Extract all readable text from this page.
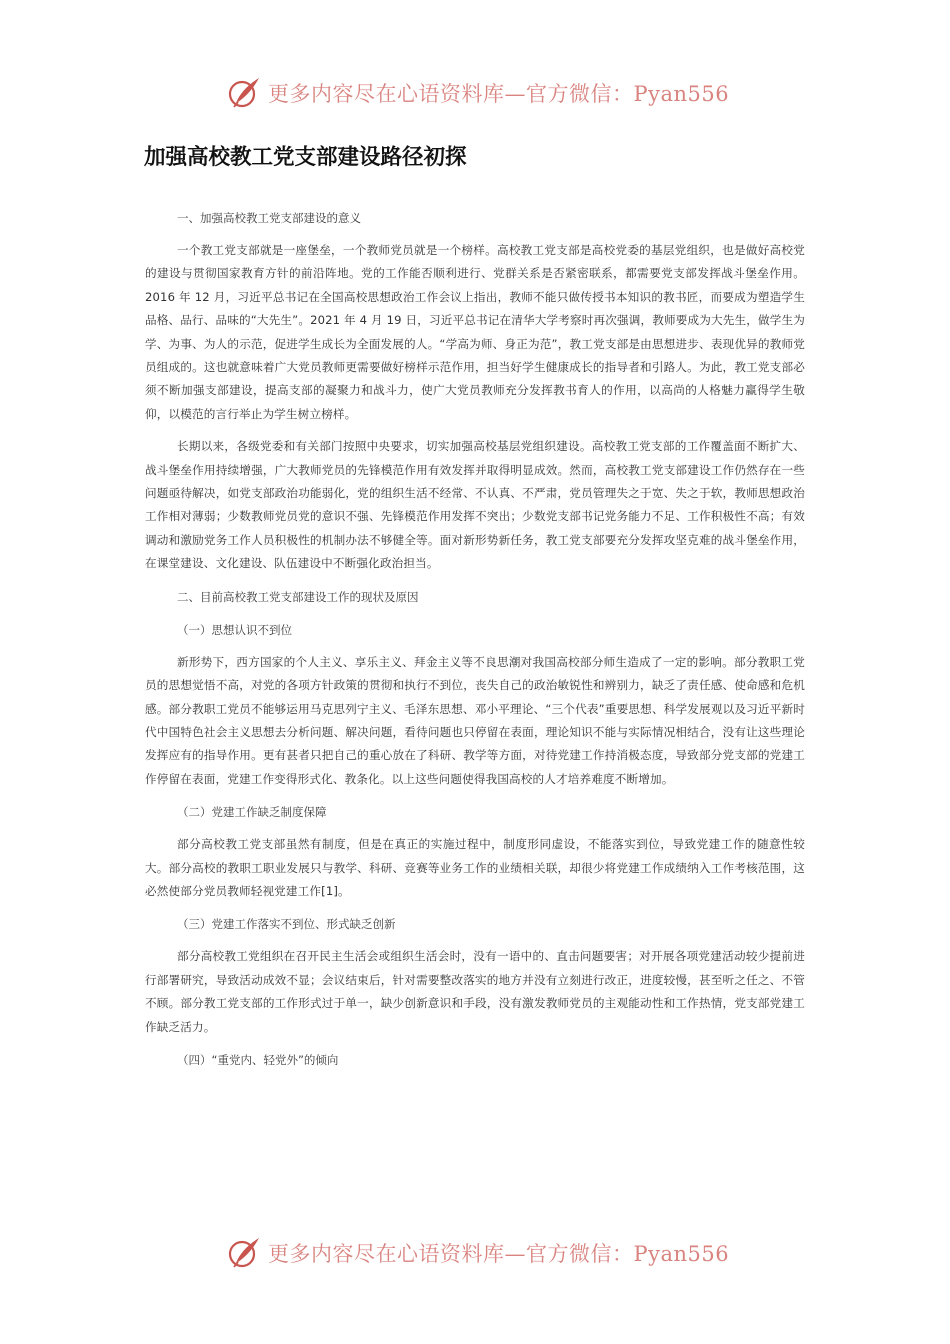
更多内容尽在心语资料库—官方微信：Pyan556
加强高校教工党支部建设路径初探
一、加强高校教工党支部建设的意义

一个教工党支部就是一座堡垒，一个教师党员就是一个榜样。高校教工党支部是高校党委的基层党组织，也是做好高校党的建设与贯彻国家教育方针的前沿阵地。党的工作能否顺利进行、党群关系是否紧密联系，都需要党支部发挥战斗堡垒作用。2016 年 12 月，习近平总书记在全国高校思想政治工作会议上指出，教师不能只做传授书本知识的教书匠，而要成为塑造学生品格、品行、品味的“大先生”。2021 年 4 月 19 日，习近平总书记在清华大学考察时再次强调，教师要成为大先生，做学生为学、为事、为人的示范，促进学生成长为全面发展的人。“学高为师、身正为范”，教工党支部是由思想进步、表现优异的教师党员组成的。这也就意味着广大党员教师更需要做好榜样示范作用，担当好学生健康成长的指导者和引路人。为此，教工党支部必须不断加强支部建设，提高支部的凝聚力和战斗力，使广大党员教师充分发挥教书育人的作用，以高尚的人格魅力赢得学生敬仰，以模范的言行举止为学生树立榜样。

长期以来，各级党委和有关部门按照中央要求，切实加强高校基层党组织建设。高校教工党支部的工作覆盖面不断扩大、战斗堡垒作用持续增强，广大教师党员的先锋模范作用有效发挥并取得明显成效。然而，高校教工党支部建设工作仍然存在一些问题亟待解决，如党支部政治功能弱化，党的组织生活不经常、不认真、不严肃，党员管理失之于宽、失之于软，教师思想政治工作相对薄弱；少数教师党员党的意识不强、先锋模范作用发挥不突出；少数党支部书记党务能力不足、工作积极性不高；有效调动和激励党务工作人员积极性的机制办法不够健全等。面对新形势新任务，教工党支部要充分发挥攻坚克难的战斗堡垒作用，在课堂建设、文化建设、队伍建设中不断强化政治担当。

二、目前高校教工党支部建设工作的现状及原因
（一）思想认识不到位

新形势下，西方国家的个人主义、享乐主义、拜金主义等不良思潮对我国高校部分师生造成了一定的影响。部分教职工党员的思想觉悟不高，对党的各项方针政策的贯彻和执行不到位，丧失自己的政治敏锐性和辨别力，缺乏了责任感、使命感和危机感。部分教职工党员不能够运用马克思列宁主义、毛泽东思想、邓小平理论、“三个代表”重要思想、科学发展观以及习近平新时代中国特色社会主义思想去分析问题、解决问题，看待问题也只停留在表面，理论知识不能与实际情况相结合，没有让这些理论发挥应有的指导作用。更有甚者只把自己的重心放在了科研、教学等方面，对待党建工作持消极态度，导致部分党支部的党建工作停留在表面，党建工作变得形式化、教条化。以上这些问题使得我国高校的人才培养难度不断增加。

（二）党建工作缺乏制度保障

部分高校教工党支部虽然有制度，但是在真正的实施过程中，制度形同虚设，不能落实到位，导致党建工作的随意性较大。部分高校的教职工职业发展只与教学、科研、竞赛等业务工作的业绩相关联，却很少将党建工作成绩纳入工作考核范围，这必然使部分党员教师轻视党建工作[1]。

（三）党建工作落实不到位、形式缺乏创新

部分高校教工党组织在召开民主生活会或组织生活会时，没有一语中的、直击问题要害；对开展各项党建活动较少提前进行部署研究，导致活动成效不显；会议结束后，针对需要整改落实的地方并没有立刻进行改正，进度较慢，甚至听之任之、不管不顾。部分教工党支部的工作形式过于单一，缺少创新意识和手段，没有激发教师党员的主观能动性和工作热情，党支部党建工作缺乏活力。

（四）“重党内、轻党外”的倾向
更多内容尽在心语资料库—官方微信：Pyan556
